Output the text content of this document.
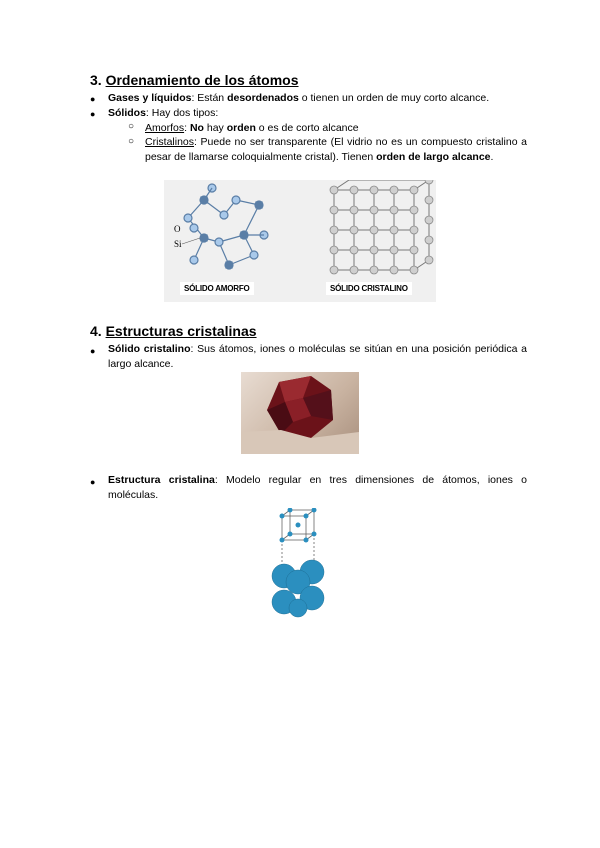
3. Ordenamiento de los átomos
● Gases y líquidos: Están desordenados o tienen un orden de muy corto alcance.
● Sólidos: Hay dos tipos:
○ Amorfos: No hay orden o es de corto alcance
○ Cristalinos: Puede no ser transparente (El vidrio no es un compuesto cristalino a pesar de llamarse coloquialmente cristal). Tienen orden de largo alcance.
O
Si
SÓLIDO AMORFO	SÓLIDO CRISTALINO
4. Estructuras cristalinas
● Sólido cristalino: Sus átomos, iones o moléculas se sitúan en una posición periódica a largo alcance.
● Estructura cristalina: Modelo regular en tres dimensiones de átomos, iones o moléculas.
